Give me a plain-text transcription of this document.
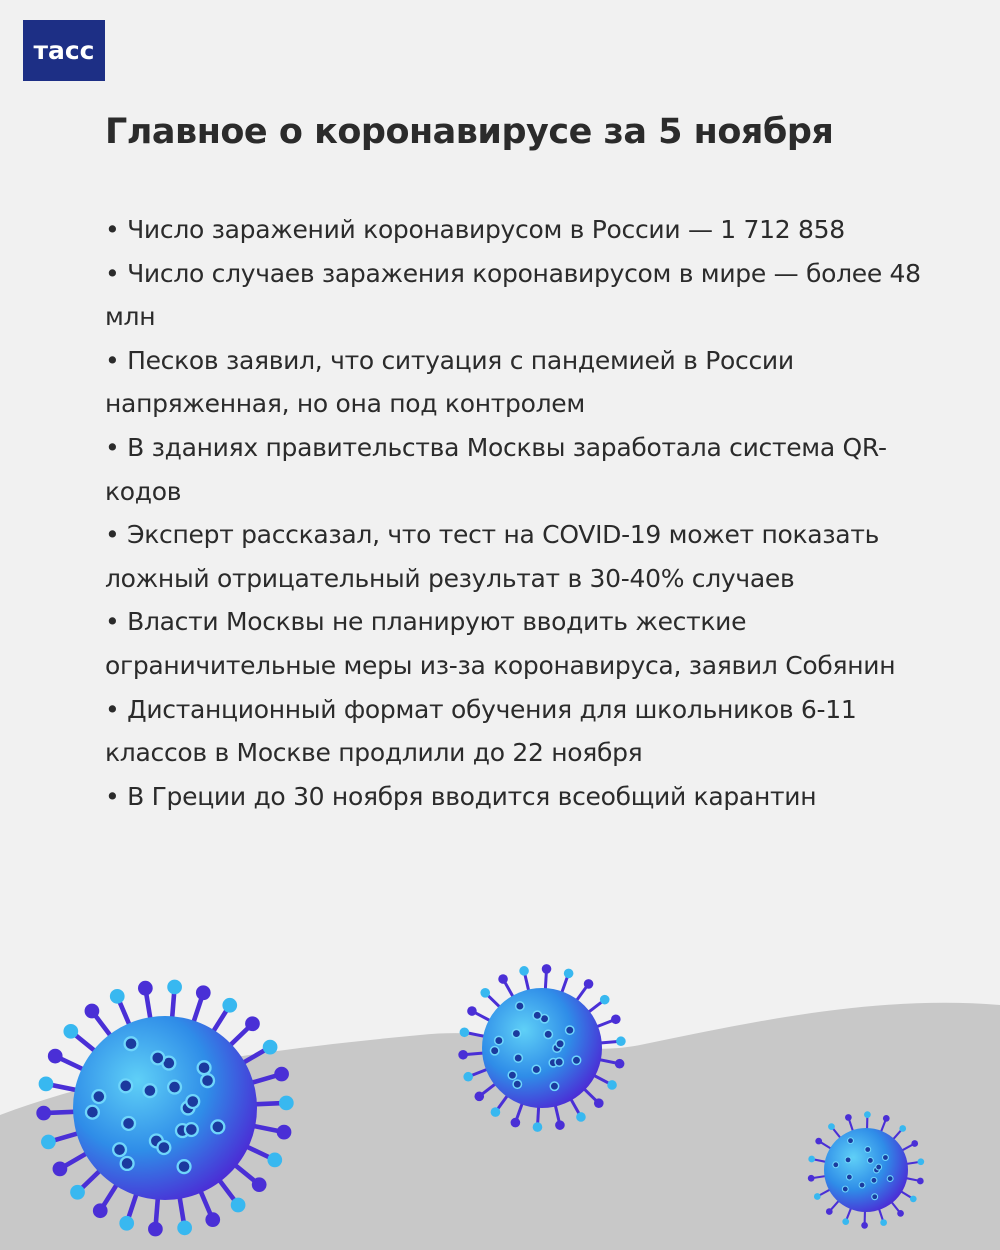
тасс
Главное о коронавирусе за 5 ноября
• Число заражений коронавирусом в России — 1 712 858
• Число случаев заражения коронавирусом в мире — более 48 млн
• Песков заявил, что ситуация с пандемией в России напряженная, но она под контролем
• В зданиях правительства Москвы заработала система QR-кодов
• Эксперт рассказал, что тест на COVID-19 может показать ложный отрицательный результат в 30-40% случаев
• Власти Москвы не планируют вводить жесткие ограничительные меры из-за коронавируса, заявил Собянин
• Дистанционный формат обучения для школьников 6-11 классов в Москве продлили до 22 ноября
• В Греции до 30 ноября вводится всеобщий карантин
